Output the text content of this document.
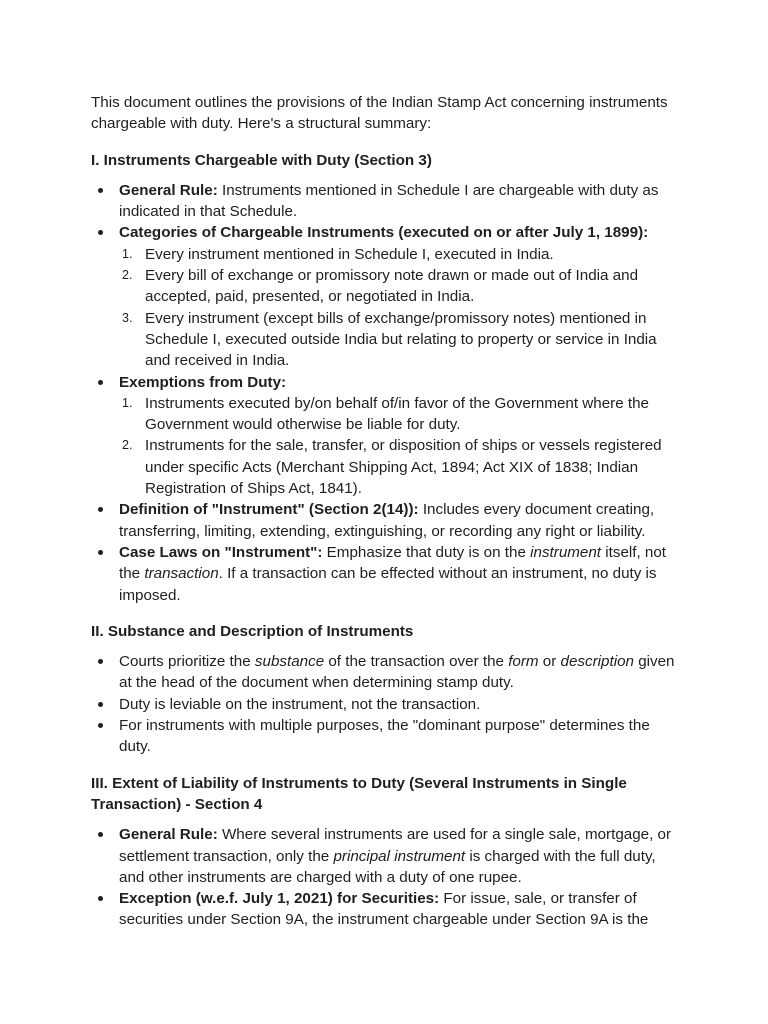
This document outlines the provisions of the Indian Stamp Act concerning instruments chargeable with duty. Here's a structural summary:

I. Instruments Chargeable with Duty (Section 3)
General Rule: Instruments mentioned in Schedule I are chargeable with duty as indicated in that Schedule.
Categories of Chargeable Instruments (executed on or after July 1, 1899):
1. Every instrument mentioned in Schedule I, executed in India.
2. Every bill of exchange or promissory note drawn or made out of India and accepted, paid, presented, or negotiated in India.
3. Every instrument (except bills of exchange/promissory notes) mentioned in Schedule I, executed outside India but relating to property or service in India and received in India.
Exemptions from Duty:
1. Instruments executed by/on behalf of/in favor of the Government where the Government would otherwise be liable for duty.
2. Instruments for the sale, transfer, or disposition of ships or vessels registered under specific Acts (Merchant Shipping Act, 1894; Act XIX of 1838; Indian Registration of Ships Act, 1841).
Definition of "Instrument" (Section 2(14)): Includes every document creating, transferring, limiting, extending, extinguishing, or recording any right or liability.
Case Laws on "Instrument": Emphasize that duty is on the instrument itself, not the transaction. If a transaction can be effected without an instrument, no duty is imposed.
II. Substance and Description of Instruments
Courts prioritize the substance of the transaction over the form or description given at the head of the document when determining stamp duty.
Duty is leviable on the instrument, not the transaction.
For instruments with multiple purposes, the "dominant purpose" determines the duty.
III. Extent of Liability of Instruments to Duty (Several Instruments in Single Transaction) - Section 4
General Rule: Where several instruments are used for a single sale, mortgage, or settlement transaction, only the principal instrument is charged with the full duty, and other instruments are charged with a duty of one rupee.
Exception (w.e.f. July 1, 2021) for Securities: For issue, sale, or transfer of securities under Section 9A, the instrument chargeable under Section 9A is the
